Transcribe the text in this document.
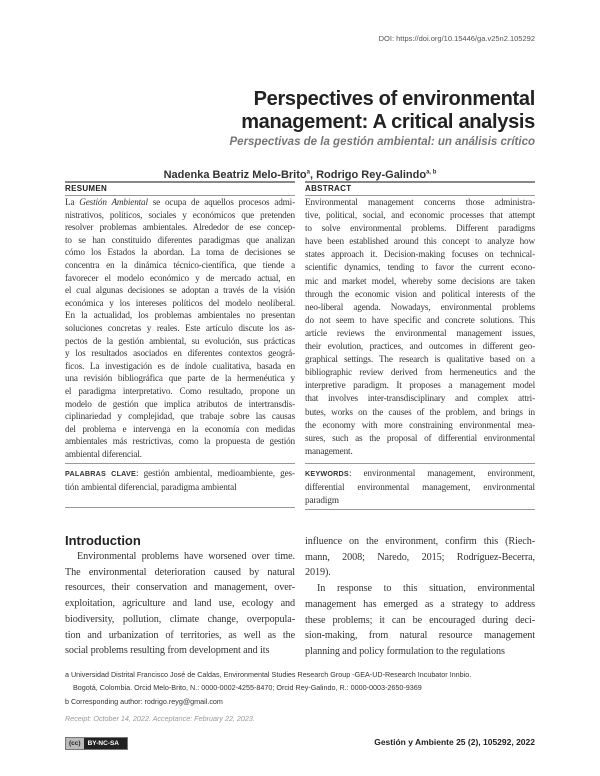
DOI: https://doi.org/10.15446/ga.v25n2.105292
Perspectives of environmental
management: A critical analysis
Perspectivas de la gestión ambiental: un análisis crítico
Nadenka Beatriz Melo-Brito$^a$, Rodrigo Rey-Galindo$^{a, b}$
RESUMEN
La Gestión Ambiental se ocupa de aquellos procesos admi-
nistrativos, políticos, sociales y económicos que pretenden
resolver problemas ambientales. Alrededor de ese concep-
to se han constituido diferentes paradigmas que analizan
cómo los Estados la abordan. La toma de decisiones se
concentra en la dinámica técnico-científica, que tiende a
favorecer el modelo económico y de mercado actual, en
el cual algunas decisiones se adoptan a través de la visión
económica y los intereses políticos del modelo neoliberal.
En la actualidad, los problemas ambientales no presentan
soluciones concretas y reales. Este artículo discute los as-
pectos de la gestión ambiental, su evolución, sus prácticas
y los resultados asociados en diferentes contextos geográ-
ficos. La investigación es de índole cualitativa, basada en
una revisión bibliográfica que parte de la hermenéutica y
el paradigma interpretativo. Como resultado, propone un
modelo de gestión que implica atributos de intertransdis-
ciplinariedad y complejidad, que trabaje sobre las causas
del problema e intervenga en la economía con medidas
ambientales más restrictivas, como la propuesta de gestión
ambiental diferencial.
PALABRAS CLAVE: gestión ambiental, medioambiente, ges-
tión ambiental diferencial, paradigma ambiental
ABSTRACT
Environmental management concerns those administra-
tive, political, social, and economic processes that attempt
to solve environmental problems. Different paradigms
have been established around this concept to analyze how
states approach it. Decision-making focuses on technical-
scientific dynamics, tending to favor the current econo-
mic and market model, whereby some decisions are taken
through the economic vision and political interests of the
neo-liberal agenda. Nowadays, environmental problems
do not seem to have specific and concrete solutions. This
article reviews the environmental management issues,
their evolution, practices, and outcomes in different geo-
graphical settings. The research is qualitative based on a
bibliographic review derived from hermeneutics and the
interpretive paradigm. It proposes a management model
that involves inter-transdisciplinary and complex attri-
butes, works on the causes of the problem, and brings in
the economy with more constraining environmental mea-
sures, such as the proposal of differential environmental
management.
KEYWORDS: environmental management, environment,
differential environmental management, environmental
paradigm
Introduction
Environmental problems have worsened over time.
The environmental deterioration caused by natural
resources, their conservation and management, over-
exploitation, agriculture and land use, ecology and
biodiversity, pollution, climate change, overpopula-
tion and urbanization of territories, as well as the
social problems resulting from development and its
influence on the environment, confirm this (Riech-
mann, 2008; Naredo, 2015; Rodríguez-Becerra,
2019).
In response to this situation, environmental
management has emerged as a strategy to address
these problems; it can be encouraged during deci-
sion-making, from natural resource management
planning and policy formulation to the regulations
a Universidad Distrital Francisco José de Caldas, Environmental Studies Research Group -GEA-UD-Research Incubator Innbio.
Bogotá, Colombia. Orcid Melo-Brito, N.: 0000-0002-4255-8470; Orcid Rey-Galindo, R.: 0000-0003-2650-9369
b Corresponding author: rodrigo.reyg@gmail.com
Receipt: October 14, 2022. Acceptance: February 22, 2023.
(cc)	BY-NC-SA	Gestión y Ambiente 25 (2), 105292, 2022
